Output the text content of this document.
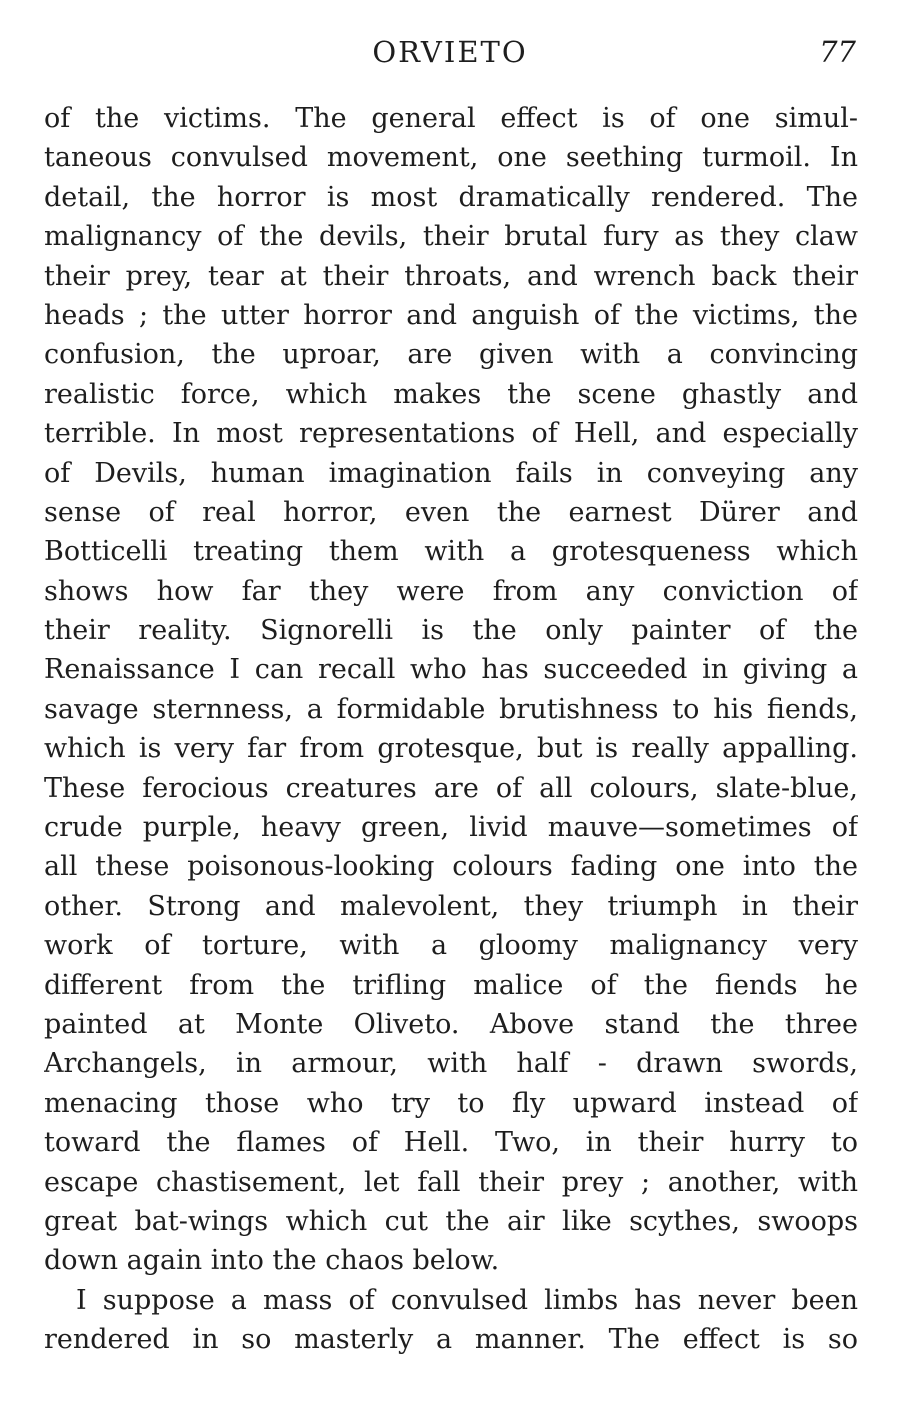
ORVIETO	77
of the victims. The general effect is of one simul-
taneous convulsed movement, one seething turmoil. In
detail, the horror is most dramatically rendered. The
malignancy of the devils, their brutal fury as they claw
their prey, tear at their throats, and wrench back their
heads ; the utter horror and anguish of the victims, the
confusion, the uproar, are given with a convincing
realistic force, which makes the scene ghastly and
terrible. In most representations of Hell, and especially
of Devils, human imagination fails in conveying any
sense of real horror, even the earnest Dürer and
Botticelli treating them with a grotesqueness which
shows how far they were from any conviction of
their reality. Signorelli is the only painter of the
Renaissance I can recall who has succeeded in giving a
savage sternness, a formidable brutishness to his fiends,
which is very far from grotesque, but is really appalling.
These ferocious creatures are of all colours, slate-blue,
crude purple, heavy green, livid mauve—sometimes of
all these poisonous-looking colours fading one into the
other. Strong and malevolent, they triumph in their
work of torture, with a gloomy malignancy very
different from the trifling malice of the fiends he
painted at Monte Oliveto. Above stand the three
Archangels, in armour, with half - drawn swords,
menacing those who try to fly upward instead of
toward the flames of Hell. Two, in their hurry to
escape chastisement, let fall their prey ; another, with
great bat-wings which cut the air like scythes, swoops
down again into the chaos below.
I suppose a mass of convulsed limbs has never been
rendered in so masterly a manner. The effect is so
